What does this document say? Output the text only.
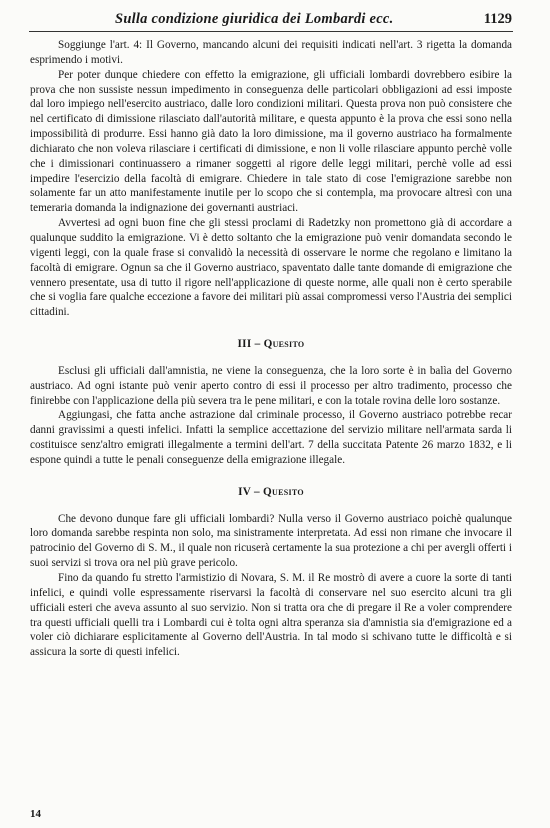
Sulla condizione giuridica dei Lombardi ecc.	1129

Soggiunge l'art. 4: Il Governo, mancando alcuni dei requisiti indicati nell'art. 3 rigetta la domanda esprimendo i motivi.

Per poter dunque chiedere con effetto la emigrazione, gli ufficiali lombardi dovrebbero esibire la prova che non sussiste nessun impedimento in conseguenza delle particolari obbligazioni ad essi imposte dal loro impiego nell'esercito austriaco, dalle loro condizioni militari. Questa prova non può consistere che nel certificato di dimissione rilasciato dall'autorità militare, e questa appunto è la prova che essi sono nella impossibilità di produrre. Essi hanno già dato la loro dimissione, ma il governo austriaco ha formalmente dichiarato che non voleva rilasciare i certificati di dimissione, e non li volle rilasciare appunto perchè volle che i dimissionari continuassero a rimaner soggetti al rigore delle leggi militari, perchè volle ad essi impedire l'esercizio della facoltà di emigrare. Chiedere in tale stato di cose l'emigrazione sarebbe non solamente far un atto manifestamente inutile per lo scopo che si contempla, ma provocare altresì con una temeraria domanda la indignazione dei governanti austriaci.

Avvertesi ad ogni buon fine che gli stessi proclami di Radetzky non promettono già di accordare a qualunque suddito la emigrazione. Vi è detto soltanto che la emigrazione può venir domandata secondo le vigenti leggi, con la quale frase si convalidò la necessità di osservare le norme che regolano e limitano la facoltà di emigrare. Ognun sa che il Governo austriaco, spaventato dalle tante domande di emigrazione che vennero presentate, usa di tutto il rigore nell'applicazione di queste norme, alle quali non è certo sperabile che si voglia fare qualche eccezione a favore dei militari più assai compromessi verso l'Austria dei semplici cittadini.

III – Quesito

Esclusi gli ufficiali dall'amnistia, ne viene la conseguenza, che la loro sorte è in balìa del Governo austriaco. Ad ogni istante può venir aperto contro di essi il processo per altro tradimento, processo che finirebbe con l'applicazione della più severa tra le pene militari, e con la totale rovina delle loro sostanze.

Aggiungasi, che fatta anche astrazione dal criminale processo, il Governo austriaco potrebbe recar danni gravissimi a questi infelici. Infatti la semplice accettazione del servizio militare nell'armata sarda li costituisce senz'altro emigrati illegalmente a termini dell'art. 7 della succitata Patente 26 marzo 1832, e li espone quindi a tutte le penali conseguenze della emigrazione illegale.

IV – Quesito

Che devono dunque fare gli ufficiali lombardi? Nulla verso il Governo austriaco poichè qualunque loro domanda sarebbe respinta non solo, ma sinistramente interpretata. Ad essi non rimane che invocare il patrocinio del Governo di S. M., il quale non ricuserà certamente la sua protezione a chi per avergli offerti i suoi servizi si trova ora nel più grave pericolo.

Fino da quando fu stretto l'armistizio di Novara, S. M. il Re mostrò di avere a cuore la sorte di tanti infelici, e quindi volle espressamente riservarsi la facoltà di conservare nel suo esercito alcuni tra gli ufficiali esteri che aveva assunto al suo servizio. Non si tratta ora che di pregare il Re a voler comprendere tra questi ufficiali quelli tra i Lombardi cui è tolta ogni altra speranza sia d'amnistia sia d'emigrazione ed a voler ciò dichiarare esplicitamente al Governo dell'Austria. In tal modo si schivano tutte le difficoltà e si assicura la sorte di questi infelici.

14
